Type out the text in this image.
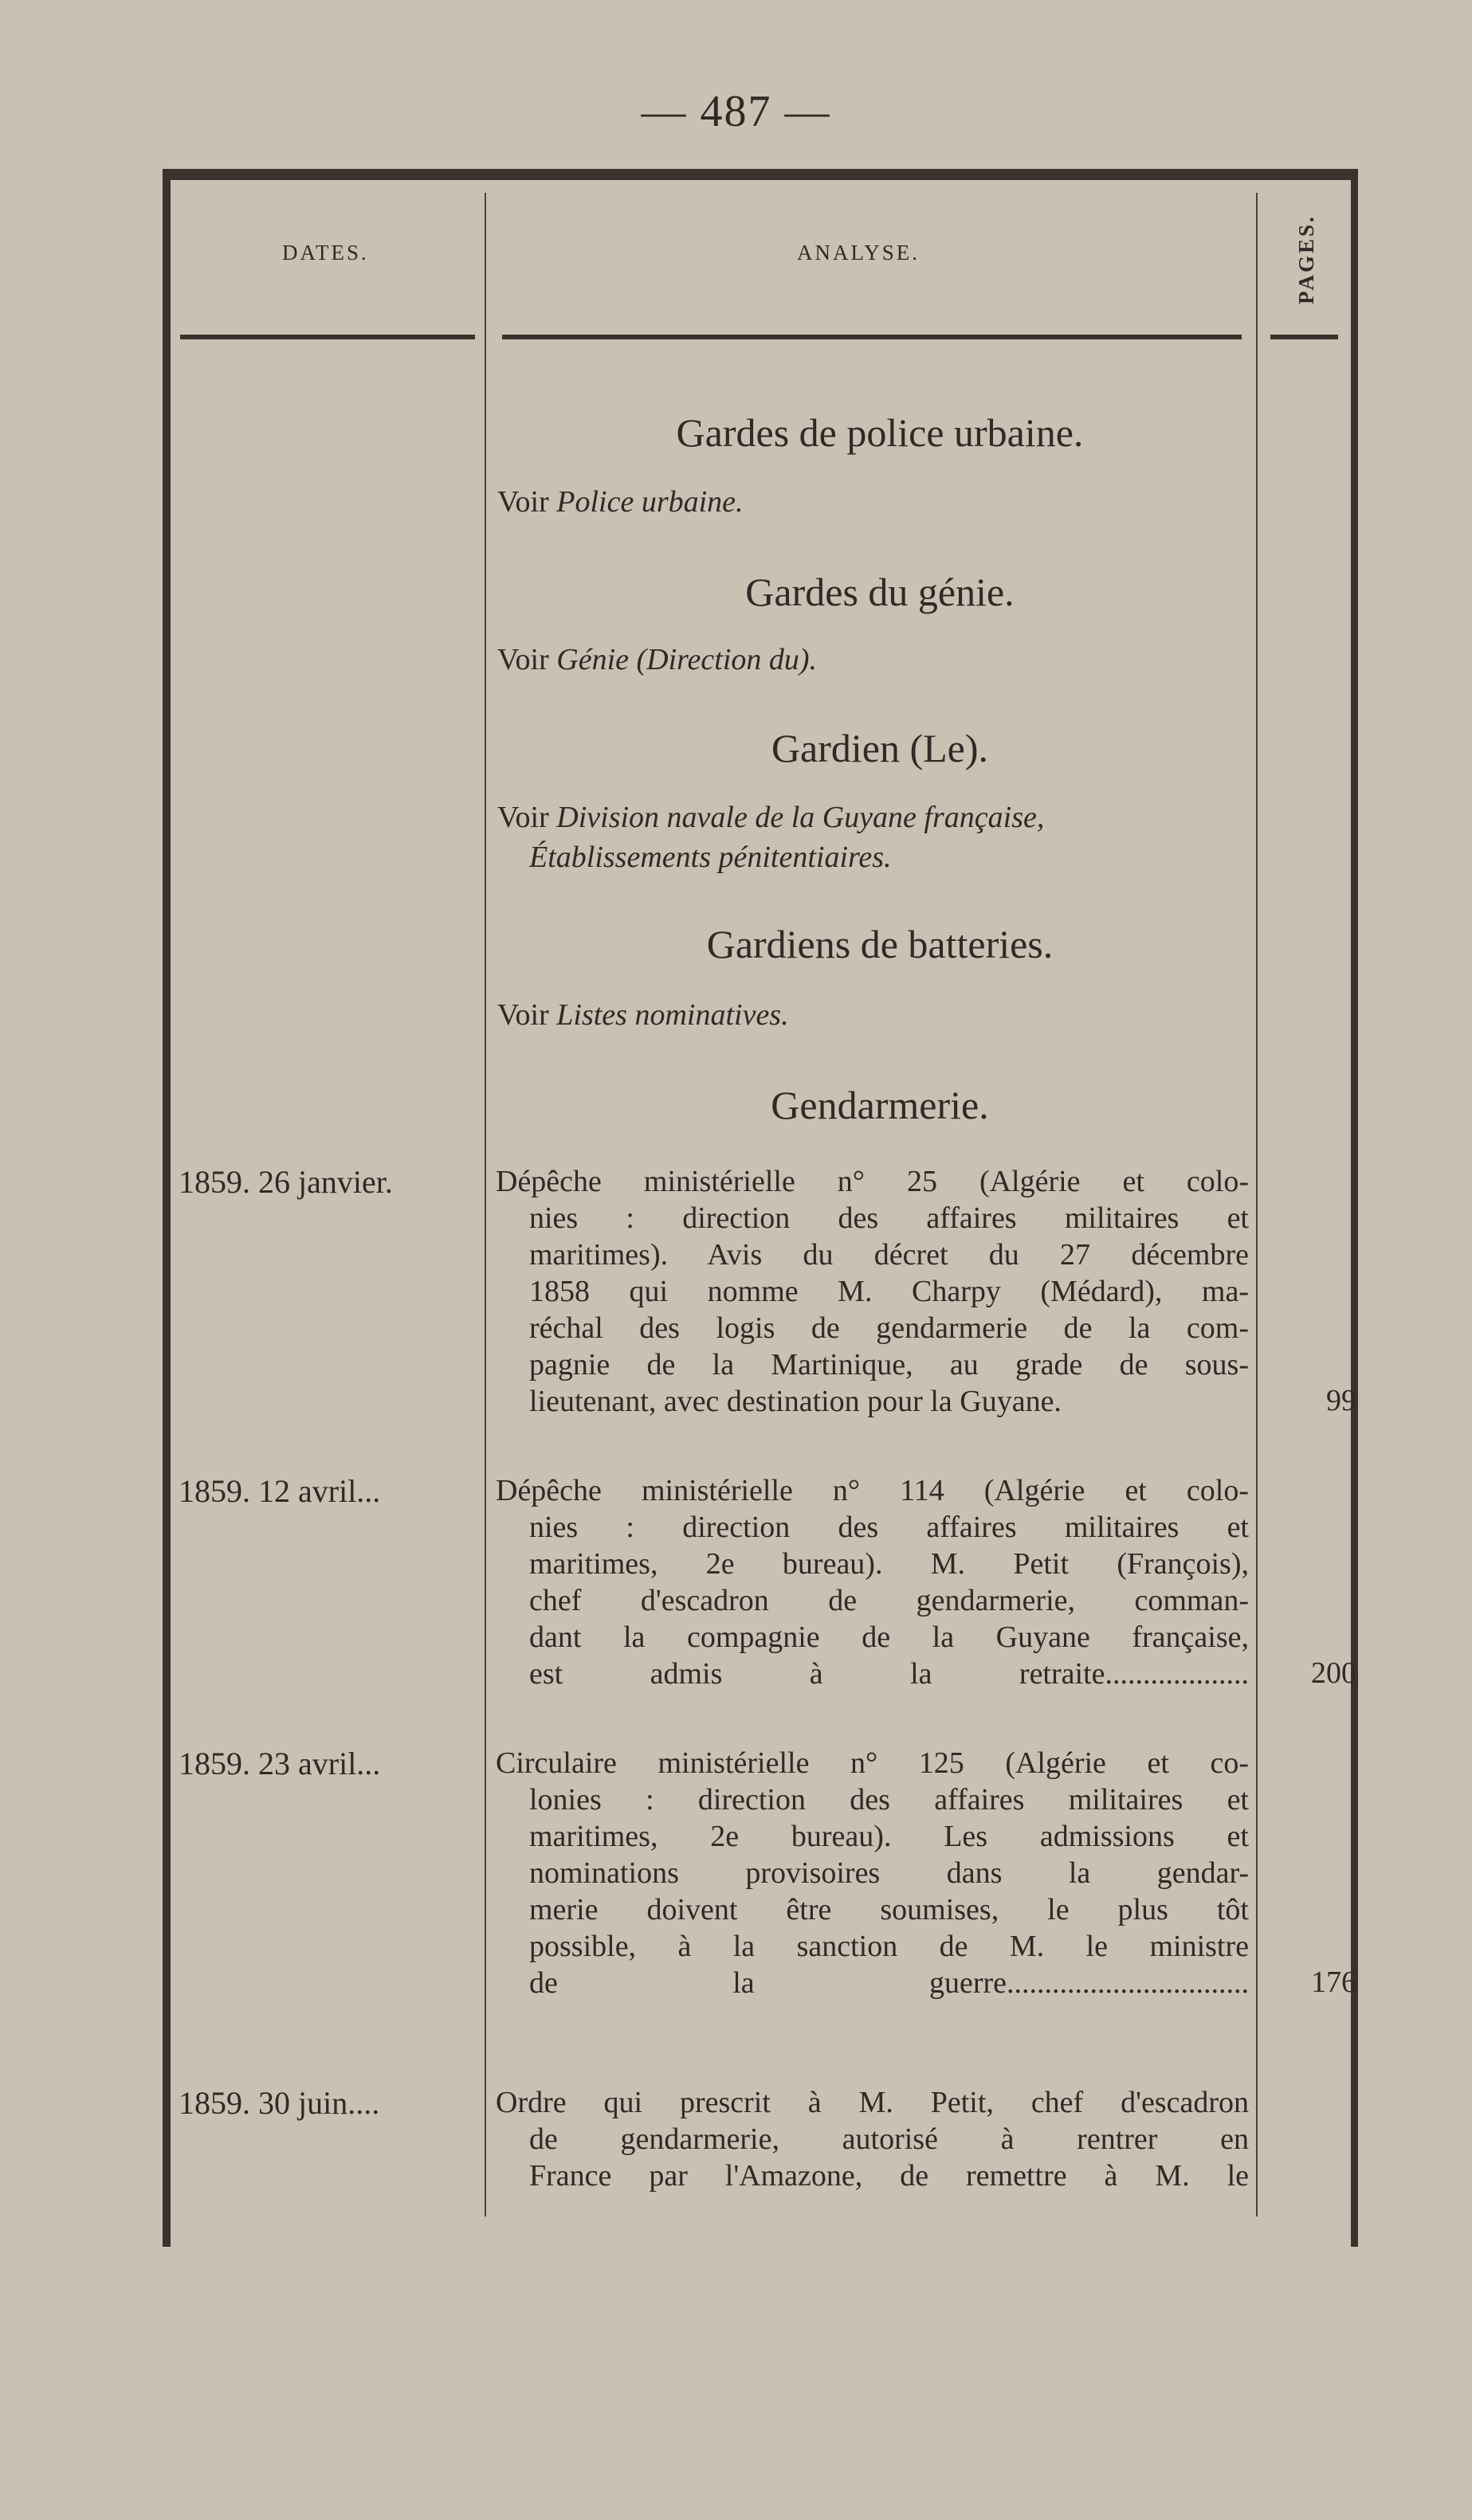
— 487 —
DATES.	ANALYSE.	PAGES.
Gardes de police urbaine.
Voir Police urbaine.
Gardes du génie.
Voir Génie (Direction du).
Gardien (Le).
Voir Division navale de la Guyane française,
Établissements pénitentiaires.
Gardiens de batteries.
Voir Listes nominatives.
Gendarmerie.
1859. 26 janvier.	Dépêche ministérielle n° 25 (Algérie et colo-
nies : direction des affaires militaires et
maritimes). Avis du décret du 27 décembre
1858 qui nomme M. Charpy (Médard), ma-
réchal des logis de gendarmerie de la com-
pagnie de la Martinique, au grade de sous-
lieutenant, avec destination pour la Guyane.	99
1859. 12 avril...	Dépêche ministérielle n° 114 (Algérie et colo-
nies : direction des affaires militaires et
maritimes, 2e bureau). M. Petit (François),
chef d'escadron de gendarmerie, comman-
dant la compagnie de la Guyane française,
est admis à la retraite...................	200
1859. 23 avril...	Circulaire ministérielle n° 125 (Algérie et co-
lonies : direction des affaires militaires et
maritimes, 2e bureau). Les admissions et
nominations provisoires dans la gendar-
merie doivent être soumises, le plus tôt
possible, à la sanction de M. le ministre
de la guerre................................	176
1859. 30 juin....	Ordre qui prescrit à M. Petit, chef d'escadron
de gendarmerie, autorisé à rentrer en
France par l'Amazone, de remettre à M. le
